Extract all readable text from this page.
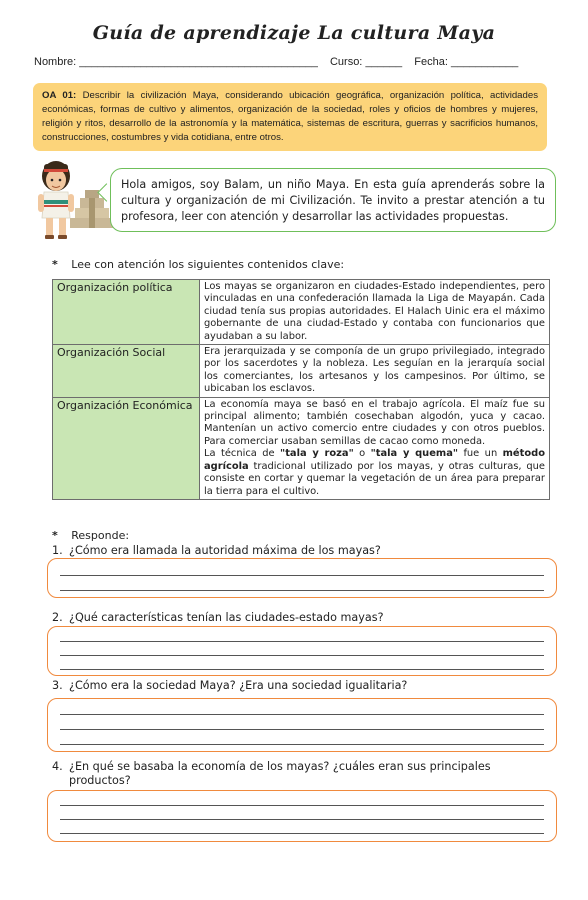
Guía de aprendizaje La cultura Maya
Nombre: _______________________________________ Curso: ______ Fecha: ___________
OA 01: Describir la civilización Maya, considerando ubicación geográfica, organización política, actividades económicas, formas de cultivo y alimentos, organización de la sociedad, roles y oficios de hombres y mujeres, religión y ritos, desarrollo de la astronomía y la matemática, sistemas de escritura, guerras y sacrificios humanos, construcciones, costumbres y vida cotidiana, entre otros.
Hola amigos, soy Balam, un niño Maya. En esta guía aprenderás sobre la cultura y organización de mi Civilización. Te invito a prestar atención a tu profesora, leer con atención y desarrollar las actividades propuestas.
* Lee con atención los siguientes contenidos clave:
Organización política	Los mayas se organizaron en ciudades-Estado independientes, pero vinculadas en una confederación llamada la Liga de Mayapán. Cada ciudad tenía sus propias autoridades. El Halach Uinic era el máximo gobernante de una ciudad-Estado y contaba con funcionarios que ayudaban a su labor.
Organización Social	Era jerarquizada y se componía de un grupo privilegiado, integrado por los sacerdotes y la nobleza. Les seguían en la jerarquía social los comerciantes, los artesanos y los campesinos. Por último, se ubicaban los esclavos.
Organización Económica	La economía maya se basó en el trabajo agrícola. El maíz fue su principal alimento; también cosechaban algodón, yuca y cacao. Mantenían un activo comercio entre ciudades y con otros pueblos. Para comerciar usaban semillas de cacao como moneda.
La técnica de "tala y roza" o "tala y quema" fue un método agrícola tradicional utilizado por los mayas, y otras culturas, que consiste en cortar y quemar la vegetación de un área para preparar la tierra para el cultivo.
* Responde:
1. ¿Cómo era llamada la autoridad máxima de los mayas?
2. ¿Qué características tenían las ciudades-estado mayas?
3. ¿Cómo era la sociedad Maya? ¿Era una sociedad igualitaria?
4. ¿En qué se basaba la economía de los mayas? ¿cuáles eran sus principales productos?
